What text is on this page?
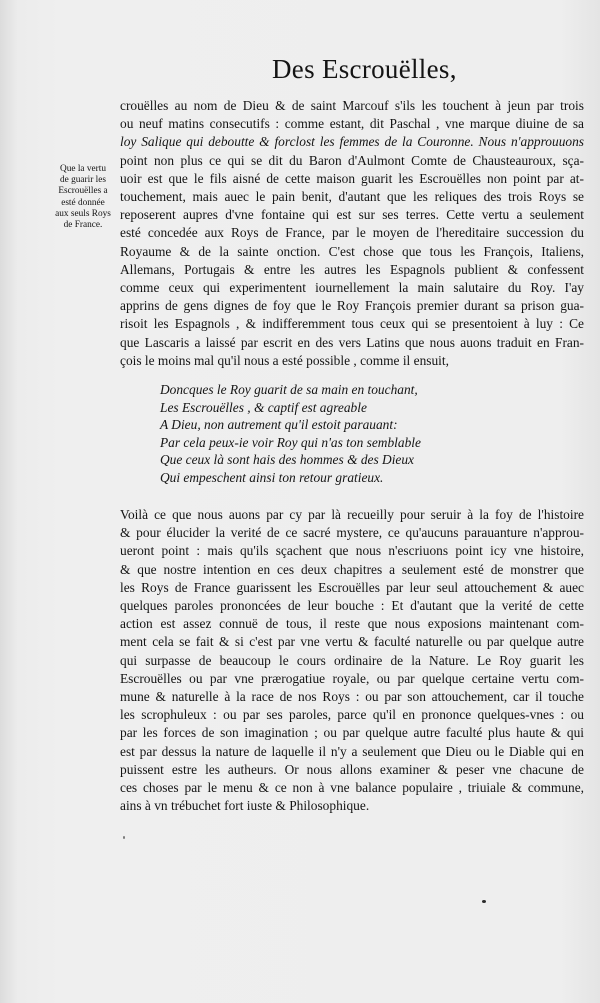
Des Escrouëlles,
Que la vertu
de guarir les
Escrouëlles a
esté donnée
aux seuls Roys
de France.
crouëlles au nom de Dieu & de saint Marcouf s'ils les touchent à jeun par trois
ou neuf matins consecutifs : comme estant, dit Paschal , vne marque diuine de sa
loy Salique qui deboutte & forclost les femmes de la Couronne. Nous n'approuuons
point non plus ce qui se dit du Baron d'Aulmont Comte de Chausteauroux, sça-
uoir est que le fils aisné de cette maison guarit les Escrouëlles non point par at-
touchement, mais auec le pain benit, d'autant que les reliques des trois Roys se
reposerent aupres d'vne fontaine qui est sur ses terres. Cette vertu a seulement
esté concedée aux Roys de France, par le moyen de l'hereditaire succession du
Royaume & de la sainte onction. C'est chose que tous les François, Italiens,
Allemans, Portugais & entre les autres les Espagnols publient & confessent
comme ceux qui experimentent iournellement la main salutaire du Roy. I'ay
apprins de gens dignes de foy que le Roy François premier durant sa prison gua-
risoit les Espagnols , & indifferemment tous ceux qui se presentoient à luy : Ce
que Lascaris a laissé par escrit en des vers Latins que nous auons traduit en Fran-
çois le moins mal qu'il nous a esté possible , comme il ensuit,
Doncques le Roy guarit de sa main en touchant,
Les Escrouëlles , & captif est agreable
A Dieu, non autrement qu'il estoit parauant:
Par cela peux-ie voir Roy qui n'as ton semblable
Que ceux là sont hais des hommes & des Dieux
Qui empeschent ainsi ton retour gratieux.
Voilà ce que nous auons par cy par là recueilly pour seruir à la foy de l'histoire
& pour élucider la verité de ce sacré mystere, ce qu'aucuns parauanture n'approu-
ueront point : mais qu'ils sçachent que nous n'escriuons point icy vne histoire,
& que nostre intention en ces deux chapitres a seulement esté de monstrer que
les Roys de France guarissent les Escrouëlles par leur seul attouchement & auec
quelques paroles prononcées de leur bouche : Et d'autant que la verité de cette
action est assez connuë de tous, il reste que nous exposions maintenant com-
ment cela se fait & si c'est par vne vertu & faculté naturelle ou par quelque autre
qui surpasse de beaucoup le cours ordinaire de la Nature. Le Roy guarit les
Escrouëlles ou par vne prærogatiue royale, ou par quelque certaine vertu com-
mune & naturelle à la race de nos Roys : ou par son attouchement, car il touche
les scrophuleux : ou par ses paroles, parce qu'il en prononce quelques-vnes : ou
par les forces de son imagination ; ou par quelque autre faculté plus haute & qui
est par dessus la nature de laquelle il n'y a seulement que Dieu ou le Diable qui en
puissent estre les autheurs. Or nous allons examiner & peser vne chacune de
ces choses par le menu & ce non à vne balance populaire , triuiale & commune,
ains à vn trébuchet fort iuste & Philosophique.
